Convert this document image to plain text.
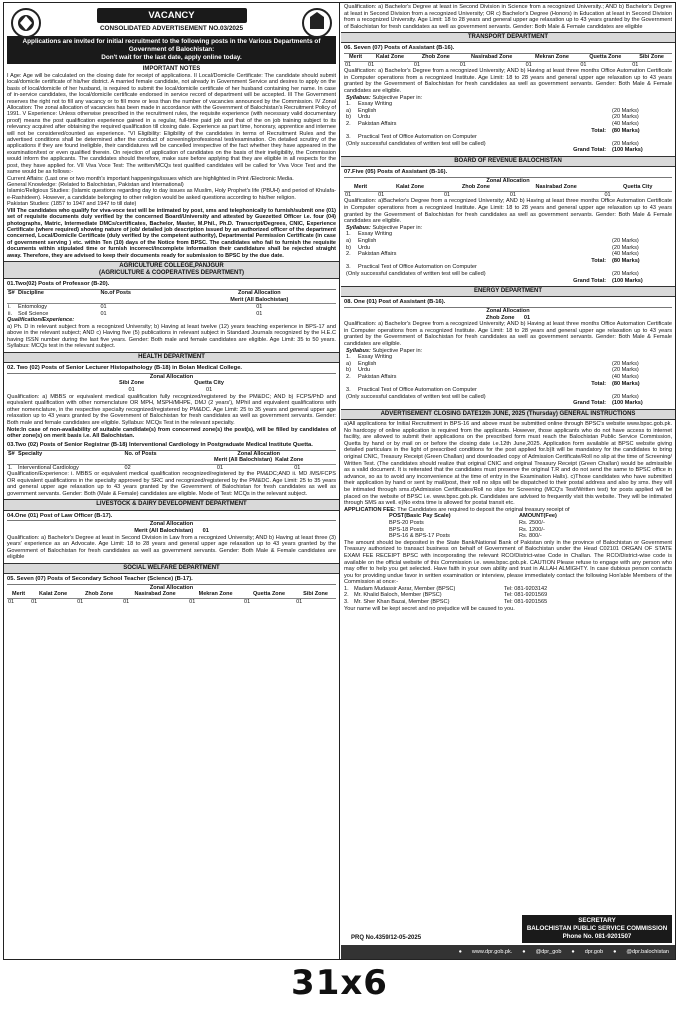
VACANCY
CONSOLIDATED ADVERTISEMENT NO.03/2025
Applications are invited for initial recruitment to the following posts in the Various Departments of Government of Balochistan:
Don't wait for the last date, apply online today.
IMPORTANT NOTES
I Age: Age will be calculated on the closing date for receipt of applications. II Local/Domicile Certificate: The candidate should submit local/domicile certificate of his/her district. A married female candidate, not already in Government Service and desires to apply on the basis of local/domicile of her husband, is required to submit the local/domicile certificate of her husband containing her name. In case of in-service candidates, the local/domicile certificate endorsed in service record of department will be accepted. III The Government reserves the right not to fill any vacancy or to fill more or less than the number of vacancies announced by the Commission. IV Zonal Allocation: The zonal allocation of vacancies has been made in accordance with the Government of Balochistan's Recruitment Policy of 1991. V Experience: Unless otherwise prescribed in the recruitment rules, the requisite experience (with necessary valid documentary proof) means the post qualification experience gained in a regular, full-time paid job and that of the on job training subject to its relevancy acquired after obtaining the required qualification till closing date. Experience as part time, honorary, apprentice and internee will not be considered/counted as experience. "VI Eligibility: Eligibility of the candidates in terms of Recruitment Rules and the advertised conditions shall be determined after the conduct of screening/professional test/examination. On detailed scrutiny of the applications if they are found ineligible, their candidatures will be cancelled irrespective of the fact whether they have appeared in the examination/test or even qualified therein. On rejection of application of candidates on the basis of their ineligibility, the Commission would inform the applicants. The candidates should therefore, make sure before applying that they are eligible in all respects for the post, they have applied for. VII Viva Voce Test: The written/MCQs test qualified candidates will be called for Viva Voce Test and the same would be as follows:-
Current Affairs: (Last one or two month's important happenings/issues which are highlighted in Print /Electronic Media.
General Knowledge: (Related to Balochistan, Pakistan and International)
Islamic/Religious Studies: (Islamic questions regarding day to day issues as Muslim, Holy Prophet's life (PBUH) and period of Khulafa-e-Rashideen). However, a candidate belonging to other religion would be asked questions according to his/her religion.
Pakistan Studies: (1857 to 1947 and 1947 to till date)
VIII The candidates who qualify for viva-voce test will be intimated by post, sms and telephonically to furnish/submit one (01) set of requisite documents duly verified by the concerned Board/University and attested by Guezetted Officer i.e. four (04) photographs, Matric, Intermediate DMCs/certificates, Bachelor, Master, M.Phil., Ph.D. Transcript/Degrees, CNIC, Experience Certificate (where required) showing nature of job/ detailed job description issued by an authorized officer of the department concerned, Local/Domicile Certificate (duly verified by the competent authority), Departmental Permission Certificate (in case of government serving ) etc. within Ten (10) days of the Notice from BPSC. The candidates who fail to furnish the requisite documents within stipulated time or furnish incorrect/incomplete information their candidature shall be rejected straight away. Therefore, they are advised to keep their documents ready for submission to BPSC by the due date.
AGRICULTURE COLLEGE,PANJGUR
(AGRICULTURE & COOPERATIVES DEPARTMENT)
01.Two(02) Posts of Professor (B-20).
S#	Discipline	No.of Posts	Zonal Allocation
Merit (All Balochistan)
i.	Entomology	01	01
ii.	Soil Science	01	01
Qualification/Experience:
a) Ph. D in relevant subject from a recognized University; b) Having at least twelve (12) years teaching experience in BPS-17 and above in the relevant subject; AND c) Having five (5) publications in relevant subject in Standard Journals recognized by the H.E.C having ISSN number during the last five years. Gender: Both male and female candidates are eligible. Age Limit: 35 to 50 years. Syllabus: MCQs test in the relevant subject.
HEALTH DEPARTMENT
02. Two (02) Posts of Senior Lecturer Histopathology (B-18) in Bolan Medical College.
Zonal Allocation
Sibi Zone
01
Quetta City
01
Qualification: a) MBBS or equivalent medical qualification fully recognized/registered by the PM&DC; AND b) FCPS/PhD and equivalent qualification with other nomenclature OR MPH, MSPH/MHPE, DMJ (2 years'), MPhil and equivalent qualifications with other nomenclature, in the respective specialty recognized/registered by PM&DC. Age Limit: 25 to 35 years and general upper age relaxation up to 43 years granted by the Government of Balochistan for fresh candidates as well as government servants. Gender: Both male and female candidates are eligible. Syllabus: MCQs Test in the relevant specialty.
Note:In case of non-availability of suitable candidate(s) from concerned zone(s) the post(s), will be filled by candidates of other zone(s) on merit basis i.e. All Balochistan.
03.Two (02) Posts of Senior Registrar (B-18) Interventional Cardiology in Postgraduate Medical Institute Quetta.
S#	Specialty	No. of Posts	Zonal Allocation
Merit (All Balochistan) Kalat Zone	
1.	Interventional Cardiology	02	01	01
Qualification/Experience: i. MBBS or equivalent medical qualification recognized/registered by the PM&DC;AND ii. MD /MS/FCPS OR equivalent qualifications in the specialty approved by SRC and recognized/registered by the PM&DC. Age Limit: 25 to 35 years and general upper age relaxation up to 43 years granted by the Government of Balochistan for fresh candidates as well as government servants. Gender: Both (Male & Female) candidates are eligible. Mode of Test: MCQs in the relevant subject.
LIVESTOCK & DAIRY DEVELOPMENT DEPARTMENT
04.One (01) Post of Law Officer (B-17).
Zonal Allocation
Merit (All Balochistan) 01
Qualification: a) Bachelor's Degree at least in Second Division in Law from a recognized University; AND b) Having at least three (3) years' experience as an Advocate. Age Limit: 18 to 28 years and general upper age relaxation up to 43 years granted by the Government of Balochistan for fresh candidates as well as government servants. Gender: Both Male & Female candidates are eligible
SOCIAL WELFARE DEPARTMENT
05. Seven (07) Posts of Secondary School Teacher (Science) (B-17).
Zonal Allocation
Merit	Kalat Zone	Zhob Zone	Nasirabad Zone	Mekran Zone	Quetta Zone	Sibi Zone
01	01	01	01	01	01	01
Qualification: a) Bachelor's Degree at least in Second Division in Science from a recognized University.; AND b) Bachelor's Degree at least in Second Division from a recognized University; OR c) Bachelor's Degree (Honors) in Education at least in Second Division from a recognized University. Age Limit: 18 to 28 years and general upper age relaxation up to 43 years granted by the Government of Balochistan for fresh candidates as well as government servants. Gender: Both Male & Female candidates are eligible
TRANSPORT DEPARTMENT
06. Seven (07) Posts of Assistant (B-16).
Merit	Kalat Zone	Zhob Zone	Nasirabad Zone	Mekran Zone	Quetta Zone	Sibi Zone
01	01	01	01	01	01	01
Qualification: a) Bachelor's Degree from a recognized University; AND b) Having at least three months Office Automation Certificate in Computer operations from a recognized Institute. Age Limit: 18 to 28 years and general upper age relaxation up to 43 years granted by the Government of Balochistan for fresh candidates as well as government servants. Gender: Both Male & Female candidates are eligible.
Syllabus: Subjective Paper in:
1.	Essay Writing
a)	English	(20 Marks)
b)	Urdu	(20 Marks)
2.	Pakistan Affairs	(40 Marks)
Total:	(80 Marks)
3.	Practical Test of Office Automation on Computer
(Only successful candidates of written test will be called)	(20 Marks)
Grand Total:	(100 Marks)
BOARD OF REVENUE BALOCHISTAN
07.Five (05) Posts of Assistant (B-16).
Zonal Allocation
Merit	Kalat Zone	Zhob Zone	Nasirabad Zone	Quetta City
01	01	01	01	01
Qualification: a)Bachelor's Degree from a recognized University; AND b) Having at least three months Office Automation Certificate in Computer operations from a recognized Institute. Age Limit: 18 to 28 years and general upper age relaxation up to 43 years granted by the Government of Balochistan for fresh candidates as well as government servants. Gender: Both Male & Female candidates are eligible.
Syllabus: Subjective Paper in:
1.	Essay Writing
a)	English	(20 Marks)
b)	Urdu	(20 Marks)
2.	Pakistan Affairs	(40 Marks)
Total:	(80 Marks)
3.	Practical Test of Office Automation on Computer
(Only successful candidates of written test will be called)	(20 Marks)
Grand Total:	(100 Marks)
ENERGY DEPARTMENT
08. One (01) Post of Assistant (B-16).
Zonal Allocation
Zhob Zone 01
Qualification: a) Bachelor's Degree from a recognized University; AND b) Having at least three months Office Automation Certificate in Computer operations from a recognized Institute. Age Limit: 18 to 28 years and general upper age relaxation up to 43 years granted by the Government of Balochistan for fresh candidates as well as government servants. Gender: Both Male & Female candidates are eligible.
Syllabus: Subjective Paper in:
1.	Essay Writing
a)	English	(20 Marks)
b)	Urdu	(20 Marks)
2.	Pakistan Affairs	(40 Marks)
Total:	(80 Marks)
3.	Practical Test of Office Automation on Computer
(Only successful candidates of written test will be called)	(20 Marks)
Grand Total:	(100 Marks)
ADVERTISEMENT CLOSING DATE12th JUNE, 2025 (Thursday) GENERAL INSTRUCTIONS
a)All applications for Initial Recruitment in BPS-16 and above must be submitted online through BPSC's website www.bpsc.gob.pk. No hardcopy of online application is required from the applicants. However, those applicants who do not have access to internet facility, are allowed to submit their applications on the prescribed form must reach the Balochistan Public Service Commission, Quetta by hand or by mail on or before the closing date i.e.12th June,2025. Application form available at BPSC website giving detailed particulars in the light of prescribed conditions for the post applied for.b)It will be mandatory for the candidates to bring original CNIC, Treasury Receipt (Green Challan) and downloaded copy of Admission Certificate/Roll no slip at the time of Screening/ Written Test. (The candidates should realize that original CNIC and original Treasury Receipt (Green Challan) would be admissible as a valid document. It is reiterated that the candidates must preserve the original T.R and do not send the same to BPSC office in advance, so as to avoid any inconvenience at the time of entry in the Examination Halls). c)Those candidates who have submitted their application by hand or sent by mail/post, their roll no slips will be dispatched to their postal address and also by sms. they will be intimated through sms.d)Admission Certificates/Roll no slips for Screening (MCQ's Test/Written test) for posts applied will be placed on the website of BPSC i.e. www.bpsc.gob.pk. Candidates are advised to frequently visit this website. They will be intimated through SMS as well. e)No extra time is allowed for postal transit etc.
APPLICATION FEE: The Candidates are required to deposit the original treasury receipt of
POST(Basic Pay Scale)	AMOUNT(Fee)
BPS-20 Posts	Rs. 2500/-
BPS-18 Posts	Rs. 1200/-
BPS-16 & BPS-17 Posts	Rs. 800/-
The amount should be deposited in the State Bank/National Bank of Pakistan only in the province of Balochistan or Government Treasury authorized to transact business on behalf of Government of Balochistan under the Head C02101 ORGAN OF STATE EXAM FEE RECEIPT BPSC with incorporating the relevant RCO/District-wise Code in Challan. The RCO/District-wise code is available on the official website of this Commission i.e. www.bpsc.gob.pk. CAUTION Please refuse to engage with any person who may offer to help you get selected. Have faith in your own ability and trust in ALLAH ALMIGHTY. In case dubious person contacts you for providing undue favor in written examination or interview, please immediately contact the following Hon'able Members of the Commission at once:-
1. Madam Mudassir Asrar, Member (BPSC)	Tel: 081-9203142
2. Mr. Khalid Baloch, Member (BPSC)	Tel: 081-9201569
3. Mr. Sher Khan Bazai, Member (BPSC)	Tel: 081-9201565
Your name will be kept secret and no prejudice will be caused to you.
PRQ No.4359/12-05-2025
SECRETARY
BALOCHISTAN PUBLIC SERVICE COMMISSION
Phone No. 081-9201507
● www.dpr.gob.pk. ● @dpr_gob ● dpr.gob ● @dpr.balochistan
31x6
